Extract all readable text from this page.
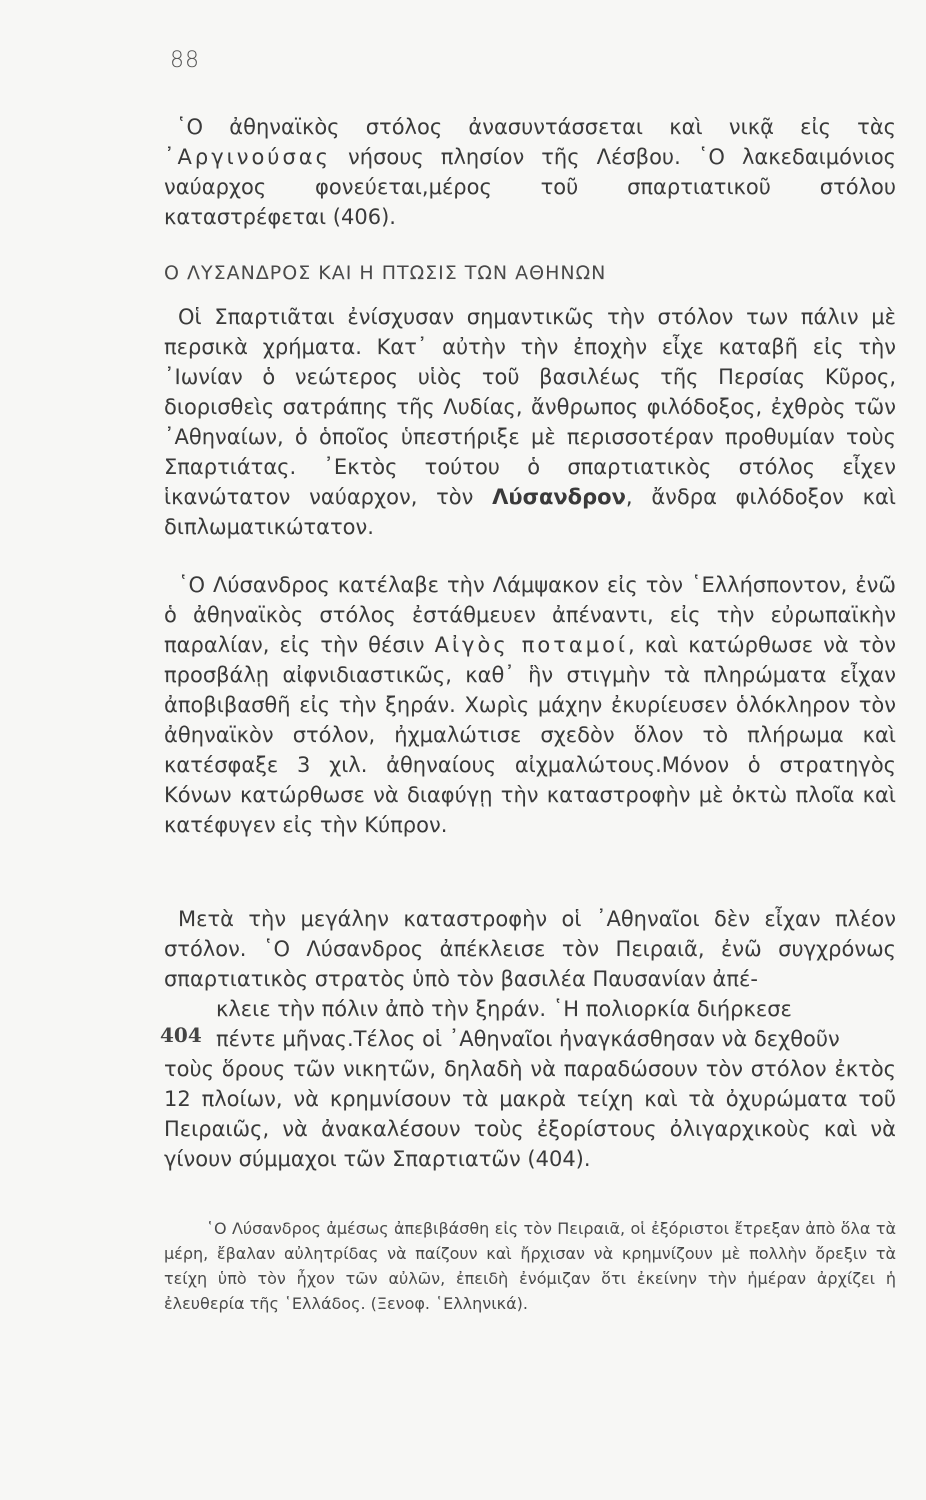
88
῾Ο ἀθηναϊκὸς στόλος ἀνασυντάσσεται καὶ νικᾷ εἰς τὰς ᾿Αργινούσας νήσους πλησίον τῆς Λέσβου. ῾Ο λακεδαιμόνιος ναύαρχος φονεύεται,μέρος τοῦ σπαρτιατικοῦ στόλου καταστρέφεται (406).
Ο ΛΥΣΑΝΔΡΟΣ ΚΑΙ Η ΠΤΩΣΙΣ ΤΩΝ ΑΘΗΝΩΝ
Οἱ Σπαρτιᾶται ἐνίσχυσαν σημαντικῶς τὴν στόλον των πάλιν μὲ περσικὰ χρήματα. Κατ᾿ αὐτὴν τὴν ἐποχὴν εἶχε καταβῆ εἰς τὴν ᾿Ιωνίαν ὁ νεώτερος υἱὸς τοῦ βασιλέως τῆς Περσίας Κῦρος, διορισθεὶς σατράπης τῆς Λυδίας, ἄνθρωπος φιλόδοξος, ἐχθρὸς τῶν ᾿Αθηναίων, ὁ ὁποῖος ὑπεστήριξε μὲ περισσοτέραν προθυμίαν τοὺς Σπαρτιάτας. ᾿Εκτὸς τούτου ὁ σπαρτιατικὸς στόλος εἶχεν ἱκανώτατον ναύαρχον, τὸν Λύσανδρον, ἄνδρα φιλόδοξον καὶ διπλωματικώτατον.
῾Ο Λύσανδρος κατέλαβε τὴν Λάμψακον εἰς τὸν ῾Ελλήσποντον, ἐνῶ ὁ ἀθηναϊκὸς στόλος ἐστάθμευεν ἀπέναντι, εἰς τὴν εὐρωπαϊκὴν παραλίαν, εἰς τὴν θέσιν Αἰγὸς ποταμοί, καὶ κατώρθωσε νὰ τὸν προσβάλῃ αἰφνιδιαστικῶς, καθ᾿ ἣν στιγμὴν τὰ πληρώματα εἶχαν ἀποβιβασθῆ εἰς τὴν ξηράν. Χωρὶς μάχην ἐκυρίευσεν ὁλόκληρον τὸν ἀθηναϊκὸν στόλον, ἠχμαλώτισε σχεδὸν ὅλον τὸ πλήρωμα καὶ κατέσφαξε 3 χιλ. ἀθηναίους αἰχμαλώτους.Μόνον ὁ στρατηγὸς Κόνων κατώρθωσε νὰ διαφύγῃ τὴν καταστροφὴν μὲ ὀκτὼ πλοῖα καὶ κατέφυγεν εἰς τὴν Κύπρον.
Μετὰ τὴν μεγάλην καταστροφὴν οἱ ᾿Αθηναῖοι δὲν εἶχαν πλέον στόλον. ῾Ο Λύσανδρος ἀπέκλεισε τὸν Πειραιᾶ, ἐνῶ συγχρόνως σπαρτιατικὸς στρατὸς ὑπὸ τὸν βασιλέα Παυσανίαν ἀπέ-
κλειε τὴν πόλιν ἀπὸ τὴν ξηράν. ῾Η πολιορκία διήρκεσε
πέντε μῆνας.Τέλος οἱ ᾿Αθηναῖοι ἠναγκάσθησαν νὰ δεχθοῦν
τοὺς ὅρους τῶν νικητῶν, δηλαδὴ νὰ παραδώσουν τὸν στόλον ἐκτὸς 12 πλοίων, νὰ κρημνίσουν τὰ μακρὰ τείχη καὶ τὰ ὀχυρώματα τοῦ Πειραιῶς, νὰ ἀνακαλέσουν τοὺς ἐξορίστους ὀλιγαρχικοὺς καὶ νὰ γίνουν σύμμαχοι τῶν Σπαρτιατῶν (404).
404

῾Ο Λύσανδρος ἀμέσως ἀπεβιβάσθη εἰς τὸν Πειραιᾶ, οἱ ἐξόριστοι ἔτρεξαν ἀπὸ ὅλα τὰ μέρη, ἔβαλαν αὐλητρίδας νὰ παίζουν καὶ ἤρχισαν νὰ κρημνίζουν μὲ πολλὴν ὄρεξιν τὰ τείχη ὑπὸ τὸν ἦχον τῶν αὐλῶν, ἐπειδὴ ἐνόμιζαν ὅτι ἐκείνην τὴν ἡμέραν ἀρχίζει ἡ ἐλευθερία τῆς ῾Ελλάδος. (Ξενοφ. ῾Ελληνικά).
